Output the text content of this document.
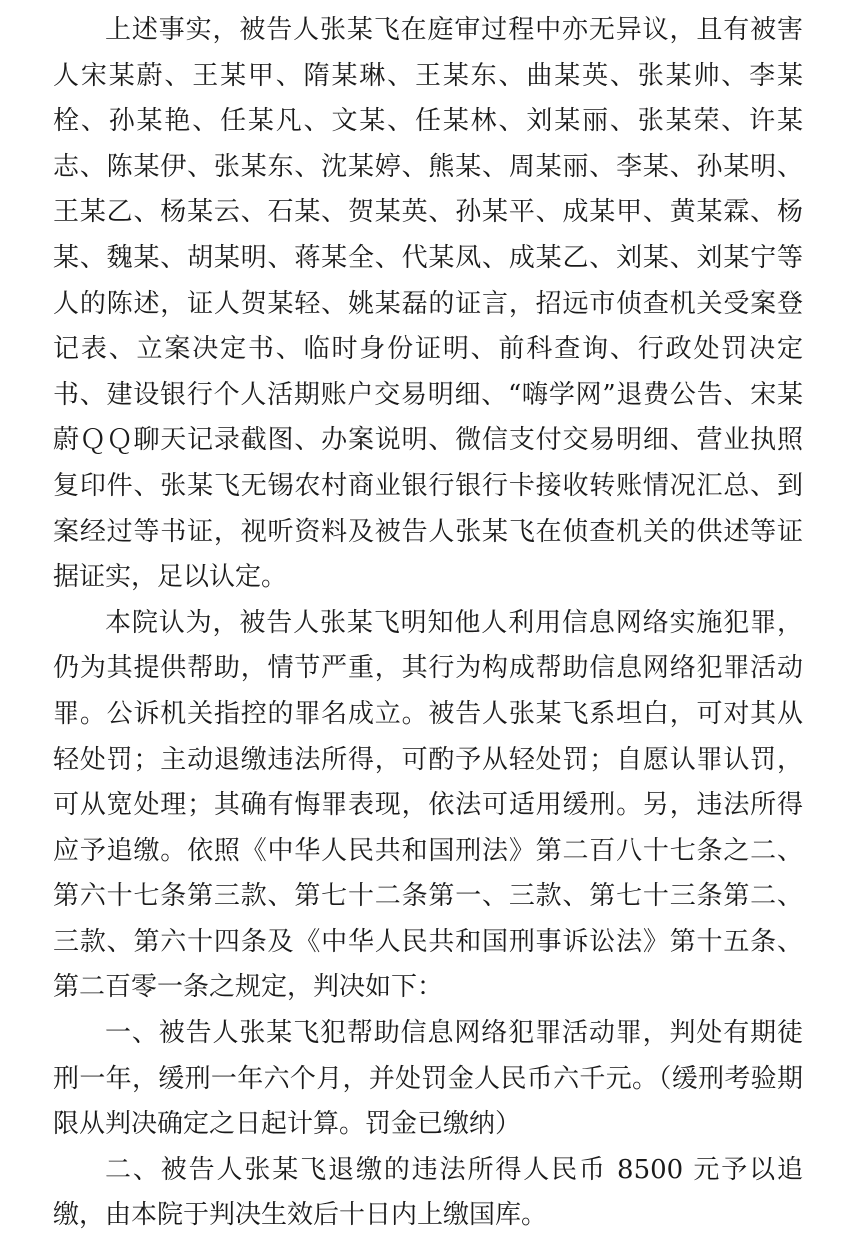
上述事实，被告人张某飞在庭审过程中亦无异议，且有被害人宋某蔚、王某甲、隋某琳、王某东、曲某英、张某帅、李某栓、孙某艳、任某凡、文某、任某林、刘某丽、张某荣、许某志、陈某伊、张某东、沈某婷、熊某、周某丽、李某、孙某明、王某乙、杨某云、石某、贺某英、孙某平、成某甲、黄某霖、杨某、魏某、胡某明、蒋某全、代某凤、成某乙、刘某、刘某宁等人的陈述，证人贺某轻、姚某磊的证言，招远市侦查机关受案登记表、立案决定书、临时身份证明、前科查询、行政处罚决定书、建设银行个人活期账户交易明细、“嗨学网”退费公告、宋某蔚ＱＱ聊天记录截图、办案说明、微信支付交易明细、营业执照复印件、张某飞无锡农村商业银行银行卡接收转账情况汇总、到案经过等书证，视听资料及被告人张某飞在侦查机关的供述等证据证实，足以认定。

本院认为，被告人张某飞明知他人利用信息网络实施犯罪，仍为其提供帮助，情节严重，其行为构成帮助信息网络犯罪活动罪。公诉机关指控的罪名成立。被告人张某飞系坦白，可对其从轻处罚；主动退缴违法所得，可酌予从轻处罚；自愿认罪认罚，可从宽处理；其确有悔罪表现，依法可适用缓刑。另，违法所得应予追缴。依照《中华人民共和国刑法》第二百八十七条之二、第六十七条第三款、第七十二条第一、三款、第七十三条第二、三款、第六十四条及《中华人民共和国刑事诉讼法》第十五条、第二百零一条之规定，判决如下：

一、被告人张某飞犯帮助信息网络犯罪活动罪，判处有期徒刑一年，缓刑一年六个月，并处罚金人民币六千元。（缓刑考验期限从判决确定之日起计算。罚金已缴纳）

二、被告人张某飞退缴的违法所得人民币 8500 元予以追缴，由本院于判决生效后十日内上缴国库。
